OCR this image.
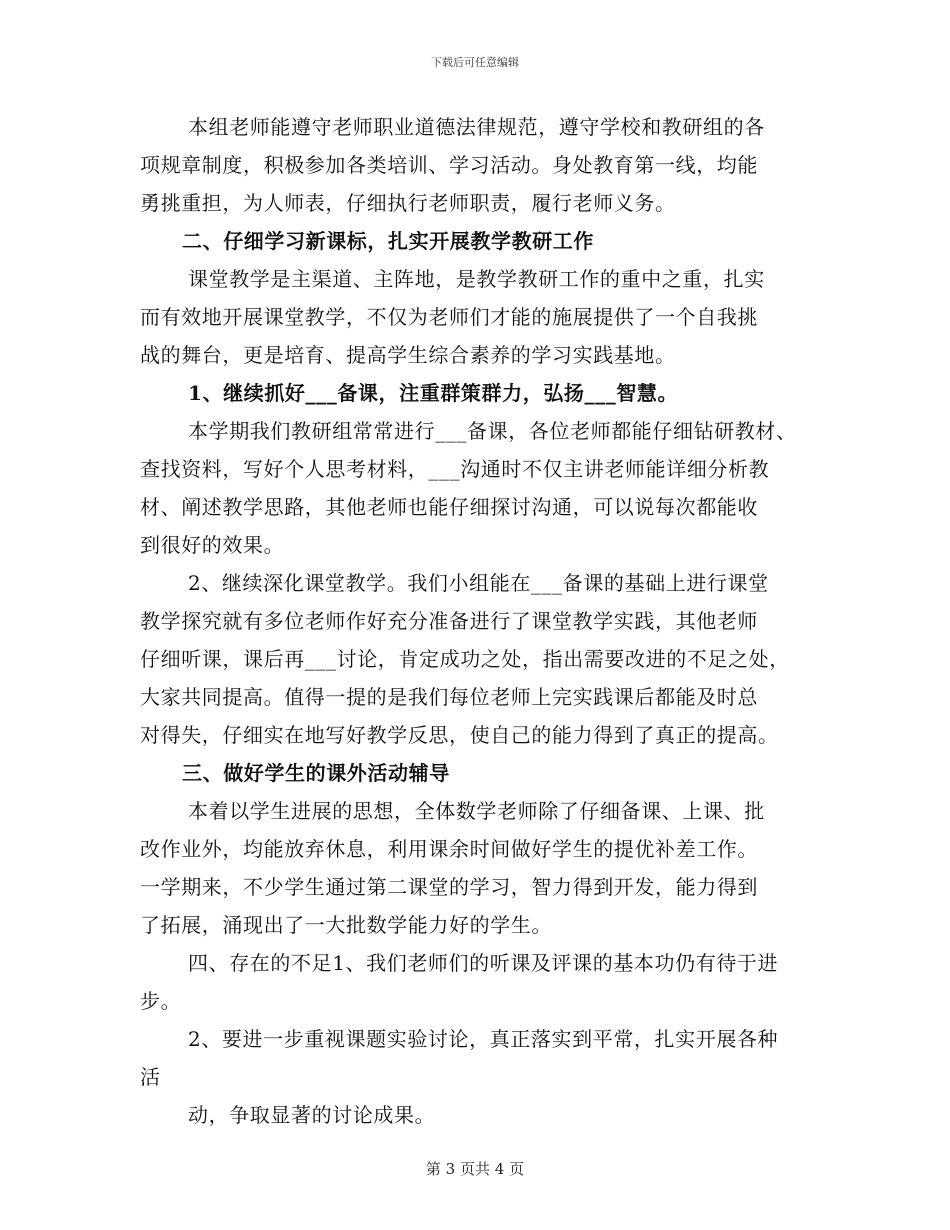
下载后可任意编辑
本组老师能遵守老师职业道德法律规范，遵守学校和教研组的各
项规章制度，积极参加各类培训、学习活动。身处教育第一线，均能
勇挑重担，为人师表，仔细执行老师职责，履行老师义务。
二、仔细学习新课标，扎实开展教学教研工作
课堂教学是主渠道、主阵地，是教学教研工作的重中之重，扎实
而有效地开展课堂教学，不仅为老师们才能的施展提供了一个自我挑
战的舞台，更是培育、提高学生综合素养的学习实践基地。
1、继续抓好___备课，注重群策群力，弘扬___智慧。
本学期我们教研组常常进行___备课，各位老师都能仔细钻研教材、
查找资料，写好个人思考材料，___沟通时不仅主讲老师能详细分析教
材、阐述教学思路，其他老师也能仔细探讨沟通，可以说每次都能收
到很好的效果。
2、继续深化课堂教学。我们小组能在___备课的基础上进行课堂
教学探究就有多位老师作好充分准备进行了课堂教学实践，其他老师
仔细听课，课后再___讨论，肯定成功之处，指出需要改进的不足之处，
大家共同提高。值得一提的是我们每位老师上完实践课后都能及时总
对得失，仔细实在地写好教学反思，使自己的能力得到了真正的提高。
三、做好学生的课外活动辅导
本着以学生进展的思想，全体数学老师除了仔细备课、上课、批
改作业外，均能放弃休息，利用课余时间做好学生的提优补差工作。
一学期来，不少学生通过第二课堂的学习，智力得到开发，能力得到
了拓展，涌现出了一大批数学能力好的学生。
四、存在的不足1、我们老师们的听课及评课的基本功仍有待于进
步。
2、要进一步重视课题实验讨论，真正落实到平常，扎实开展各种
活
动，争取显著的讨论成果。
第 3 页共 4 页
